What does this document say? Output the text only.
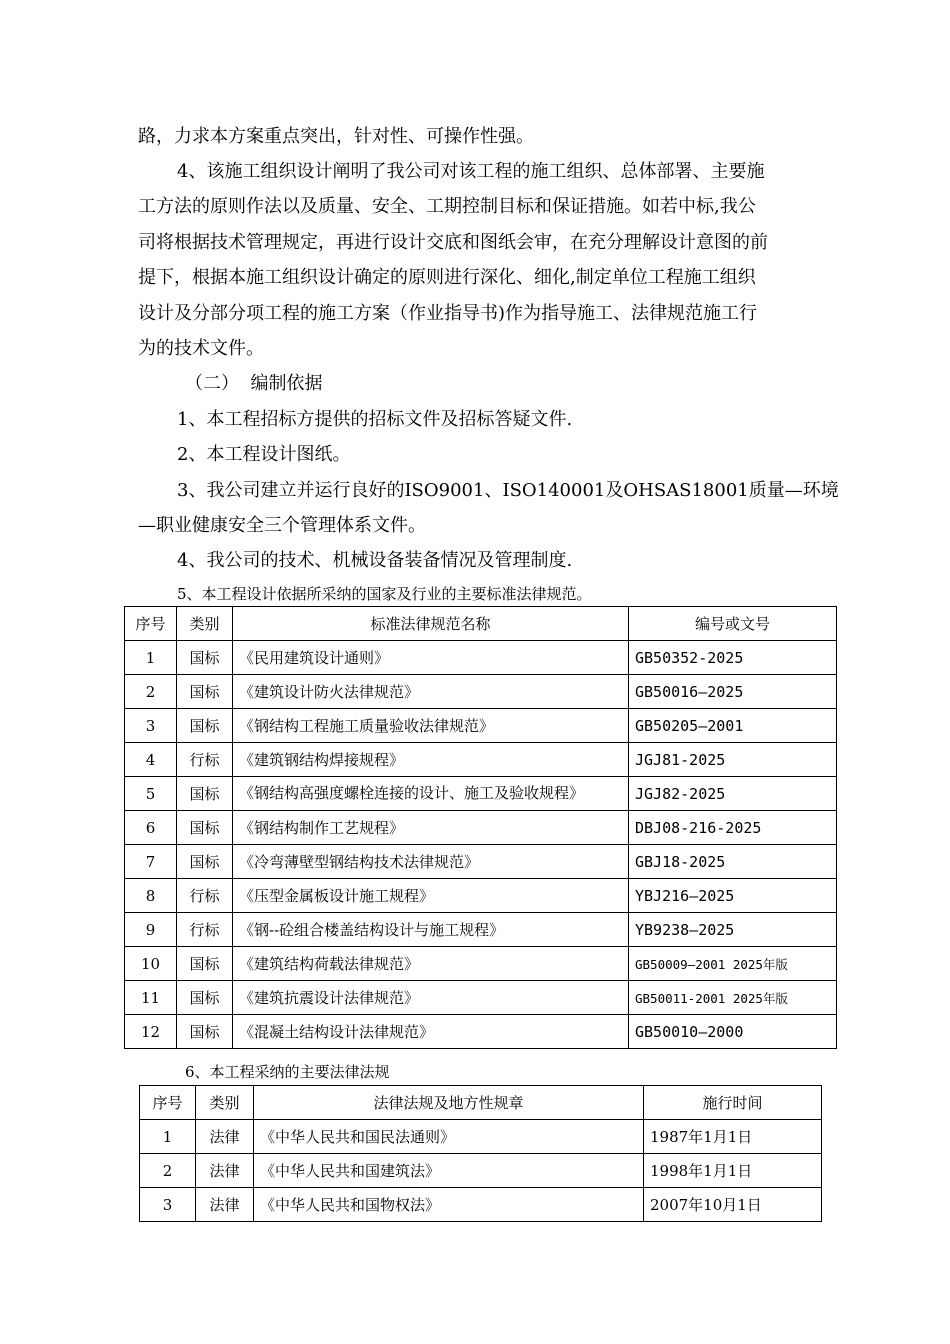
路，力求本方案重点突出，针对性、可操作性强。
4、该施工组织设计阐明了我公司对该工程的施工组织、总体部署、主要施
工方法的原则作法以及质量、安全、工期控制目标和保证措施。如若中标,我公
司将根据技术管理规定，再进行设计交底和图纸会审，在充分理解设计意图的前
提下，根据本施工组织设计确定的原则进行深化、细化,制定单位工程施工组织
设计及分部分项工程的施工方案（作业指导书)作为指导施工、法律规范施工行
为的技术文件。
（二）  编制依据
1、本工程招标方提供的招标文件及招标答疑文件.
2、本工程设计图纸。
3、我公司建立并运行良好的ISO9001、ISO140001及OHSAS18001质量—环境
—职业健康安全三个管理体系文件。
4、我公司的技术、机械设备装备情况及管理制度.
5、本工程设计依据所采纳的国家及行业的主要标准法律规范。
序号	类别	标准法律规范名称	编号或文号
1	国标	《民用建筑设计通则》	GB50352-2025
2	国标	《建筑设计防火法律规范》	GB50016—2025
3	国标	《钢结构工程施工质量验收法律规范》	GB50205—2001
4	行标	《建筑钢结构焊接规程》	JGJ81-2025
5	国标	《钢结构高强度螺栓连接的设计、施工及验收规程》	JGJ82-2025
6	国标	《钢结构制作工艺规程》	DBJ08-216-2025
7	国标	《冷弯薄壁型钢结构技术法律规范》	GBJ18-2025
8	行标	《压型金属板设计施工规程》	YBJ216—2025
9	行标	《钢--砼组合楼盖结构设计与施工规程》	YB9238—2025
10	国标	《建筑结构荷载法律规范》	GB50009—2001 2025年版
11	国标	《建筑抗震设计法律规范》	GB50011-2001 2025年版
12	国标	《混凝土结构设计法律规范》	GB50010—2000
6、本工程采纳的主要法律法规
序号	类别	法律法规及地方性规章	施行时间
1	法律	《中华人民共和国民法通则》	1987年1月1日
2	法律	《中华人民共和国建筑法》	1998年1月1日
3	法律	《中华人民共和国物权法》	2007年10月1日
